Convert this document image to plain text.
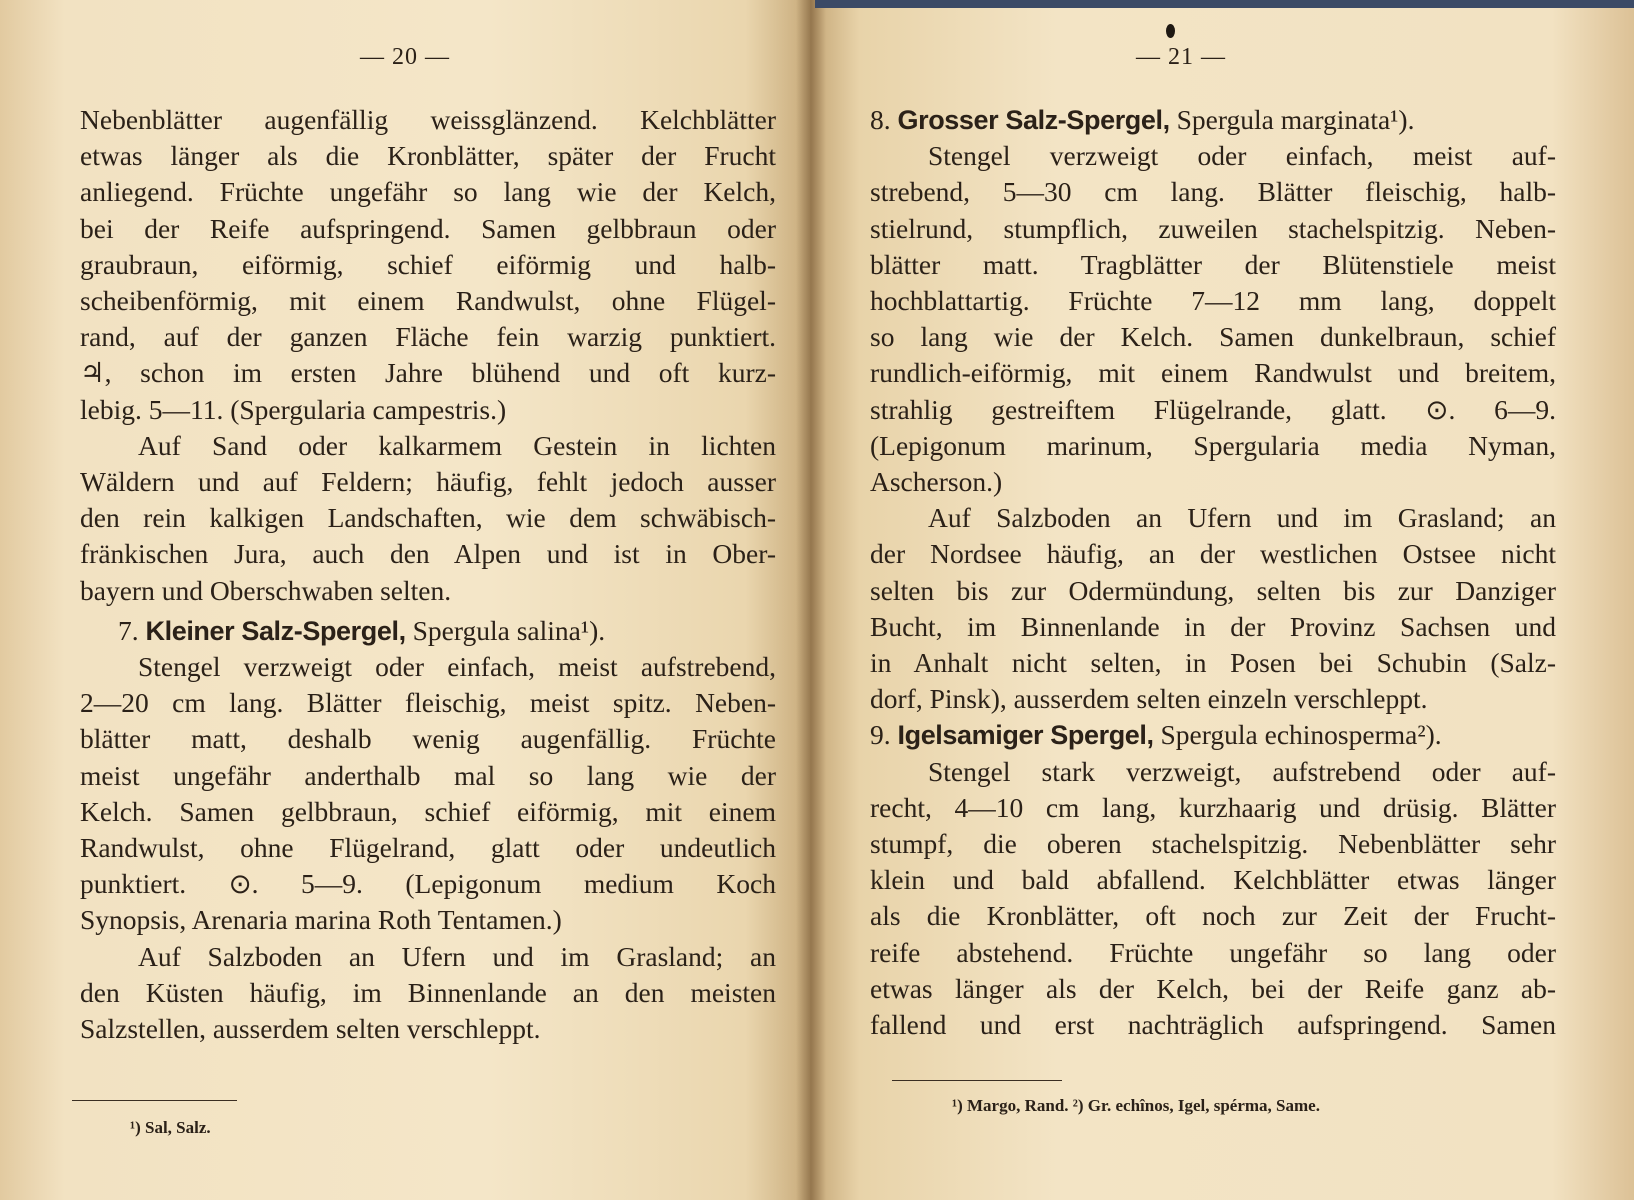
— 20 —
Nebenblätter augenfällig weissglänzend. Kelchblätter
etwas länger als die Kronblätter, später der Frucht
anliegend. Früchte ungefähr so lang wie der Kelch,
bei der Reife aufspringend. Samen gelbbraun oder
graubraun, eiförmig, schief eiförmig und halb-
scheibenförmig, mit einem Randwulst, ohne Flügel-
rand, auf der ganzen Fläche fein warzig punktiert.
♃, schon im ersten Jahre blühend und oft kurz-
lebig. 5—11. (Spergularia campestris.)
Auf Sand oder kalkarmem Gestein in lichten
Wäldern und auf Feldern; häufig, fehlt jedoch ausser
den rein kalkigen Landschaften, wie dem schwäbisch-
fränkischen Jura, auch den Alpen und ist in Ober-
bayern und Oberschwaben selten.
7. Kleiner Salz-Spergel, Spergula salina¹).
Stengel verzweigt oder einfach, meist aufstrebend,
2—20 cm lang. Blätter fleischig, meist spitz. Neben-
blätter matt, deshalb wenig augenfällig. Früchte
meist ungefähr anderthalb mal so lang wie der
Kelch. Samen gelbbraun, schief eiförmig, mit einem
Randwulst, ohne Flügelrand, glatt oder undeutlich
punktiert. ⊙. 5—9. (Lepigonum medium Koch
Synopsis, Arenaria marina Roth Tentamen.)
Auf Salzboden an Ufern und im Grasland; an
den Küsten häufig, im Binnenlande an den meisten
Salzstellen, ausserdem selten verschleppt.
¹) Sal, Salz.
— 21 —
8. Grosser Salz-Spergel, Spergula marginata¹).
Stengel verzweigt oder einfach, meist auf-
strebend, 5—30 cm lang. Blätter fleischig, halb-
stielrund, stumpflich, zuweilen stachelspitzig. Neben-
blätter matt. Tragblätter der Blütenstiele meist
hochblattartig. Früchte 7—12 mm lang, doppelt
so lang wie der Kelch. Samen dunkelbraun, schief
rundlich-eiförmig, mit einem Randwulst und breitem,
strahlig gestreiftem Flügelrande, glatt. ⊙. 6—9.
(Lepigonum marinum, Spergularia media Nyman,
Ascherson.)
Auf Salzboden an Ufern und im Grasland; an
der Nordsee häufig, an der westlichen Ostsee nicht
selten bis zur Odermündung, selten bis zur Danziger
Bucht, im Binnenlande in der Provinz Sachsen und
in Anhalt nicht selten, in Posen bei Schubin (Salz-
dorf, Pinsk), ausserdem selten einzeln verschleppt.
9. Igelsamiger Spergel, Spergula echinosperma²).
Stengel stark verzweigt, aufstrebend oder auf-
recht, 4—10 cm lang, kurzhaarig und drüsig. Blätter
stumpf, die oberen stachelspitzig. Nebenblätter sehr
klein und bald abfallend. Kelchblätter etwas länger
als die Kronblätter, oft noch zur Zeit der Frucht-
reife abstehend. Früchte ungefähr so lang oder
etwas länger als der Kelch, bei der Reife ganz ab-
fallend und erst nachträglich aufspringend. Samen
¹) Margo, Rand. ²) Gr. echînos, Igel, spérma, Same.
